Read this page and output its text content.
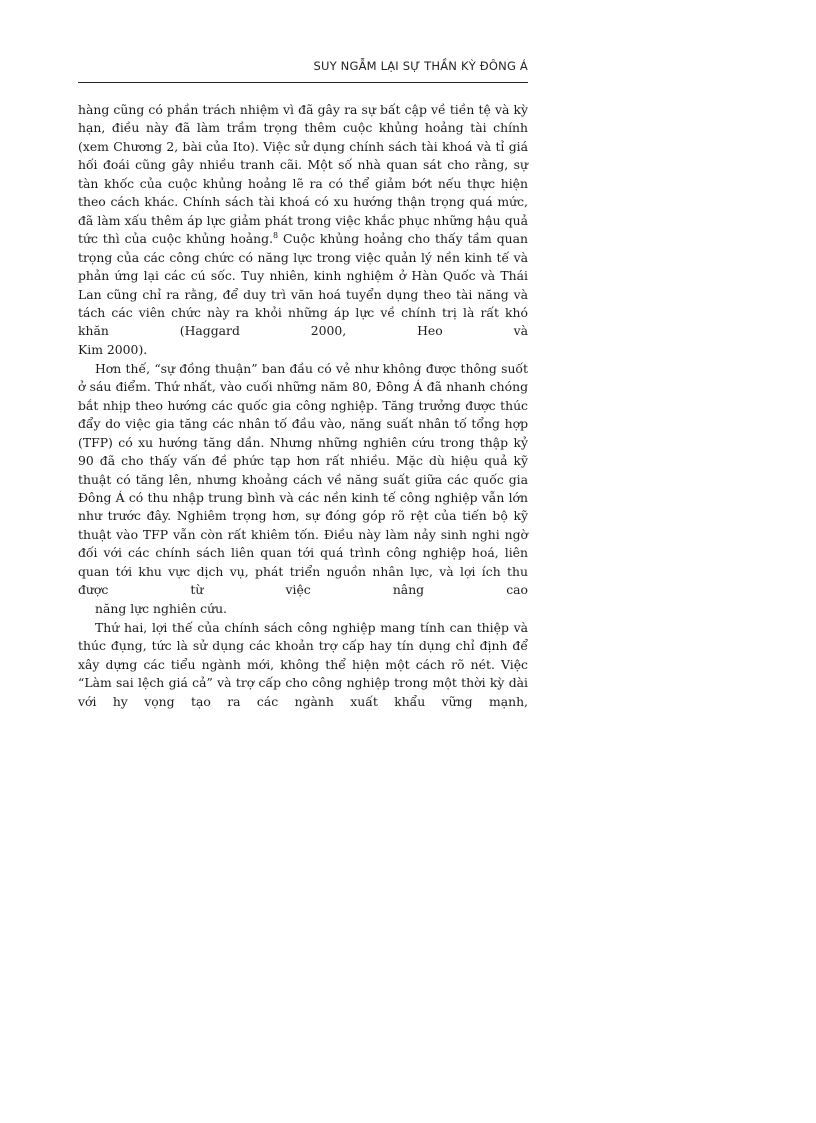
SUY NGẪM LẠI SỰ THẦN KỲ ĐÔNG Á

hàng cũng có phần trách nhiệm vì đã gây ra sự bất cập về tiền tệ và kỳ hạn, điều này đã làm trầm trọng thêm cuộc khủng hoảng tài chính (xem Chương 2, bài của Ito). Việc sử dụng chính sách tài khoá và tỉ giá hối đoái cũng gây nhiều tranh cãi. Một số nhà quan sát cho rằng, sự tàn khốc của cuộc khủng hoảng lẽ ra có thể giảm bớt nếu thực hiện theo cách khác. Chính sách tài khoá có xu hướng thận trọng quá mức, đã làm xấu thêm áp lực giảm phát trong việc khắc phục những hậu quả tức thì của cuộc khủng hoảng.$^8$ Cuộc khủng hoảng cho thấy tầm quan trọng của các công chức có năng lực trong việc quản lý nền kinh tế và phản ứng lại các cú sốc. Tuy nhiên, kinh nghiệm ở Hàn Quốc và Thái Lan cũng chỉ ra rằng, để duy trì văn hoá tuyển dụng theo tài năng và tách các viên chức này ra khỏi những áp lực về chính trị là rất khó khăn (Haggard 2000, Heo và
Kim 2000).

Hơn thế, “sự đồng thuận” ban đầu có vẻ như không được thông suốt ở sáu điểm. Thứ nhất, vào cuối những năm 80, Đông Á đã nhanh chóng bắt nhịp theo hướng các quốc gia công nghiệp. Tăng trưởng được thúc đẩy do việc gia tăng các nhân tố đầu vào, năng suất nhân tố tổng hợp (TFP) có xu hướng tăng dần. Nhưng những nghiên cứu trong thập kỷ 90 đã cho thấy vấn đề phức tạp hơn rất nhiều. Mặc dù hiệu quả kỹ thuật có tăng lên, nhưng khoảng cách về năng suất giữa các quốc gia Đông Á có thu nhập trung bình và các nền kinh tế công nghiệp vẫn lớn như trước đây. Nghiêm trọng hơn, sự đóng góp rõ rệt của tiến bộ kỹ thuật vào TFP vẫn còn rất khiêm tốn. Điều này làm nảy sinh nghi ngờ đối với các chính sách liên quan tới quá trình công nghiệp hoá, liên quan tới khu vực dịch vụ, phát triển nguồn nhân lực, và lợi ích thu được từ việc nâng cao
năng lực nghiên cứu.

Thứ hai, lợi thế của chính sách công nghiệp mang tính can thiệp và thúc đụng, tức là sử dụng các khoản trợ cấp hay tín dụng chỉ định để xây dựng các tiểu ngành mới, không thể hiện một cách rõ nét. Việc “Làm sai lệch giá cả” và trợ cấp cho công nghiệp trong một thời kỳ dài với hy vọng tạo ra các ngành xuất khẩu vững mạnh,
